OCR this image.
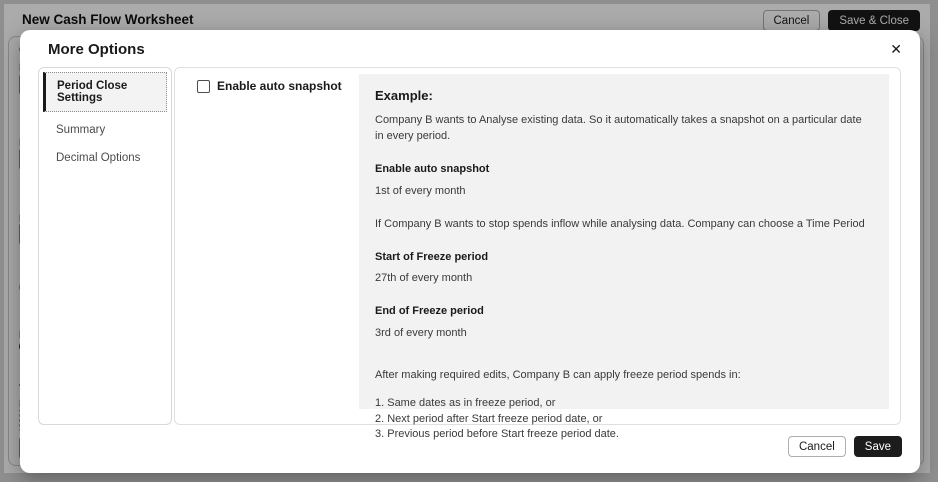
New Cash Flow Worksheet	Cancel	Save & Close
More Options	✕
Period Close Settings
Summary
Decimal Options
Enable auto snapshot
Example:

Company B wants to Analyse existing data. So it automatically takes a snapshot on a particular date in every period.

Enable auto snapshot
1st of every month

If Company B wants to stop spends inflow while analysing data. Company can choose a Time Period

Start of Freeze period
27th of every month
End of Freeze period
3rd of every month

After making required edits, Company B can apply freeze period spends in:

1. Same dates as in freeze period, or
2. Next period after Start freeze period date, or
3. Previous period before Start freeze period date.
Cancel	Save
